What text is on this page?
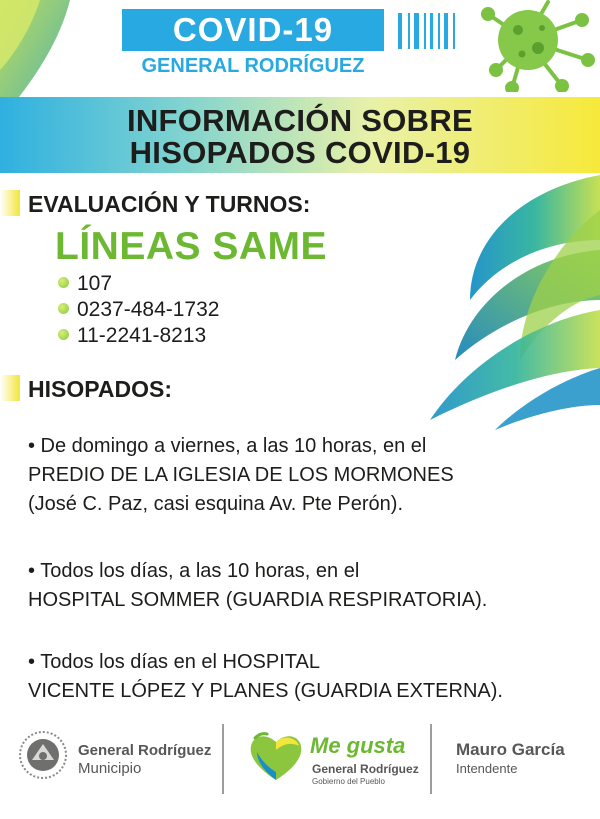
COVID-19
GENERAL RODRÍGUEZ
INFORMACIÓN SOBRE
HISOPADOS COVID-19
EVALUACIÓN Y TURNOS:
LÍNEAS SAME
107
0237-484-1732
11-2241-8213
HISOPADOS:
• De domingo a viernes, a las 10 horas, en el
PREDIO DE LA IGLESIA DE LOS MORMONES
(José C. Paz, casi esquina Av. Pte Perón).
• Todos los días, a las 10 horas, en el
HOSPITAL SOMMER (GUARDIA RESPIRATORIA).
• Todos los días en el HOSPITAL
VICENTE LÓPEZ Y PLANES (GUARDIA EXTERNA).
General Rodríguez
Municipio
Me gusta
General Rodríguez
Gobierno del Pueblo
Mauro García
Intendente
